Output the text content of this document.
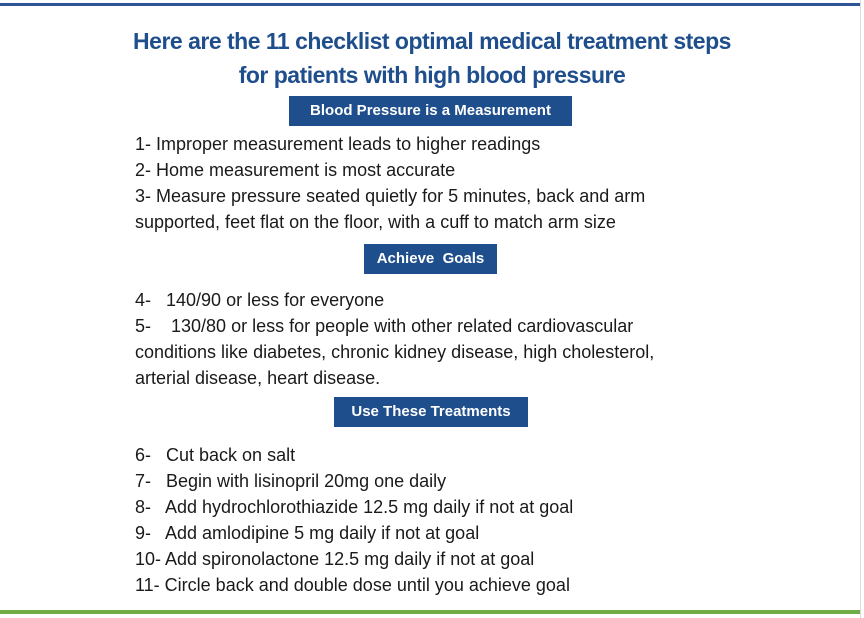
Here are the 11 checklist optimal medical treatment steps
for patients with high blood pressure
Blood Pressure is a Measurement
1- Improper measurement leads to higher readings
2- Home measurement is most accurate
3- Measure pressure seated quietly for 5 minutes, back and arm
supported, feet flat on the floor, with a cuff to match arm size
Achieve  Goals
4-   140/90 or less for everyone
5-    130/80 or less for people with other related cardiovascular
conditions like diabetes, chronic kidney disease, high cholesterol,
arterial disease, heart disease.
Use These Treatments
6-   Cut back on salt
7-   Begin with lisinopril 20mg one daily
8-   Add hydrochlorothiazide 12.5 mg daily if not at goal
9-   Add amlodipine 5 mg daily if not at goal
10- Add spironolactone 12.5 mg daily if not at goal
11- Circle back and double dose until you achieve goal
